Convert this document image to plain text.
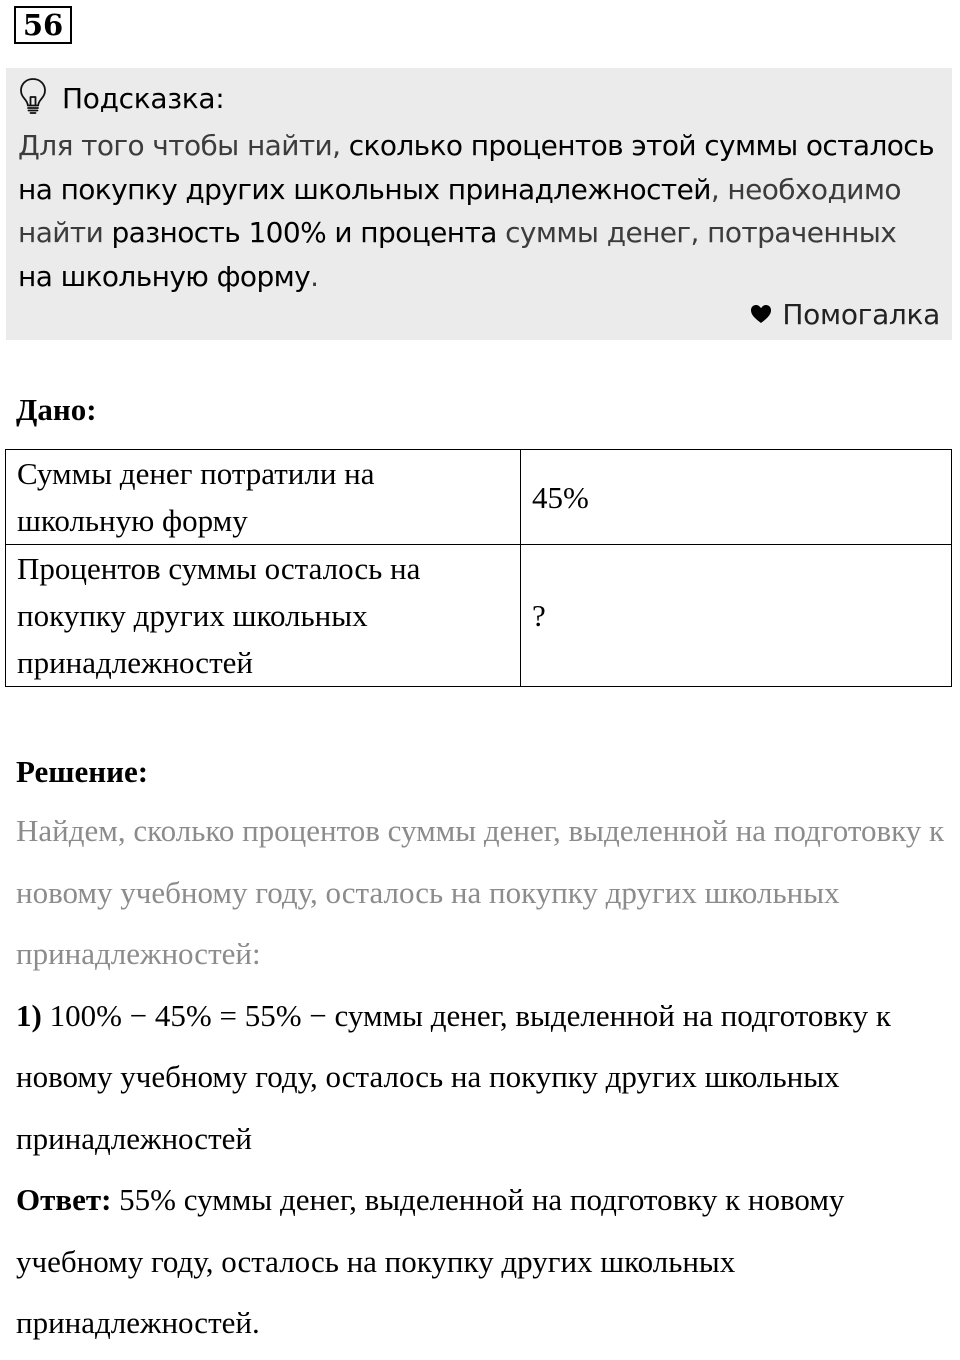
56
Подсказка:
Для того чтобы найти, сколько процентов этой суммы осталось на покупку других школьных принадлежностей, необходимо найти разность 100% и процента суммы денег, потраченных на школьную форму.
Помогалка
Дано:
Суммы денег потратили на школьную форму	45%
Процентов суммы осталось на покупку других школьных принадлежностей	?
Решение:

Найдем, сколько процентов суммы денег, выделенной на подготовку к новому учебному году, осталось на покупку других школьных принадлежностей:

1) 100% − 45% = 55% − суммы денег, выделенной на подготовку к новому учебному году, осталось на покупку других школьных принадлежностей

Ответ: 55% суммы денег, выделенной на подготовку к новому учебному году, осталось на покупку других школьных принадлежностей.
